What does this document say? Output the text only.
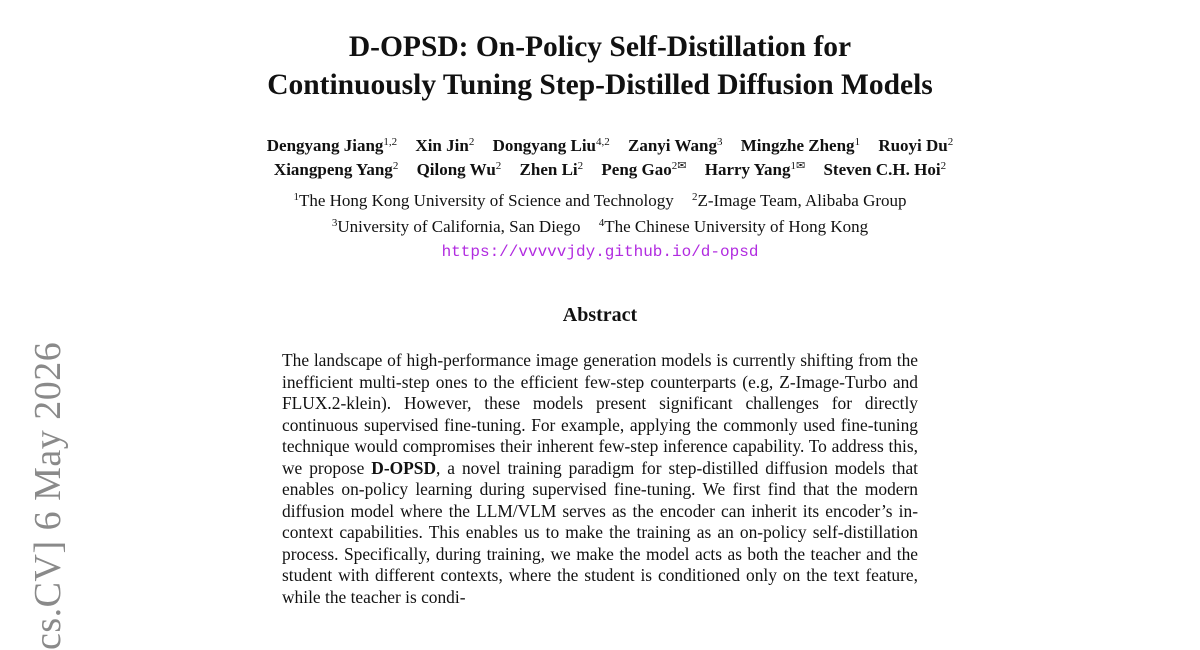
cs.CV] 6 May 2026
D-OPSD: On-Policy Self-Distillation for
Continuously Tuning Step-Distilled Diffusion Models
Dengyang Jiang$^{1,2}$ Xin Jin$^2$ Dongyang Liu$^{4,2}$ Zanyi Wang$^3$ Mingzhe Zheng$^1$ Ruoyi Du$^2$
Xiangpeng Yang$^2$ Qilong Wu$^2$ Zhen Li$^2$ Peng Gao$^{2✉}$ Harry Yang$^{1✉}$ Steven C.H. Hoi$^2$
$^1$The Hong Kong University of Science and Technology $^2$Z-Image Team, Alibaba Group
$^3$University of California, San Diego $^4$The Chinese University of Hong Kong
https://vvvvvjdy.github.io/d-opsd
Abstract
The landscape of high-performance image generation models is currently shifting from the inefficient multi-step ones to the efficient few-step counterparts (e.g, Z-Image-Turbo and FLUX.2-klein). However, these models present significant challenges for directly continuous supervised fine-tuning. For example, applying the commonly used fine-tuning technique would compromises their inherent few-step inference capability. To address this, we propose D-OPSD, a novel training paradigm for step-distilled diffusion models that enables on-policy learning during supervised fine-tuning. We first find that the modern diffusion model where the LLM/VLM serves as the encoder can inherit its encoder’s in-context capabilities. This enables us to make the training as an on-policy self-distillation process. Specifically, during training, we make the model acts as both the teacher and the student with different contexts, where the student is conditioned only on the text feature, while the teacher is condi-
